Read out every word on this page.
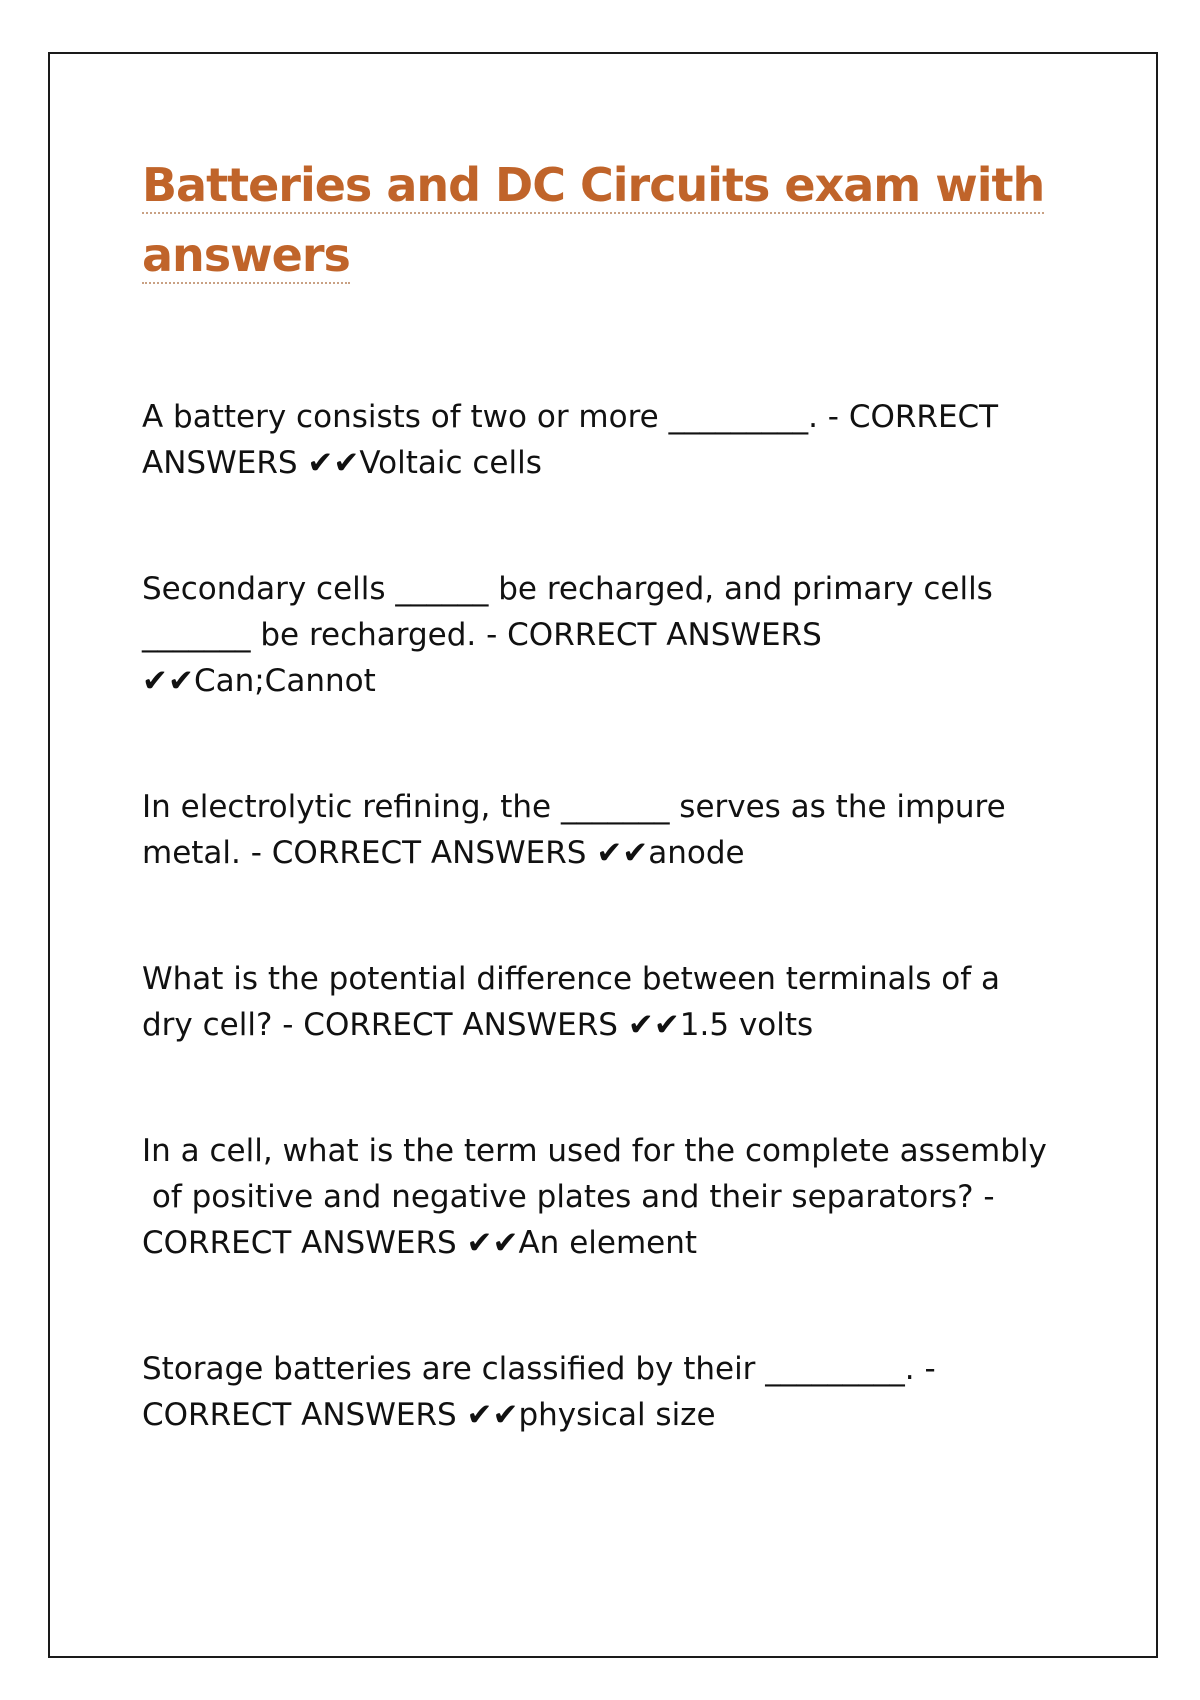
Batteries and DC Circuits exam with
answers
A battery consists of two or more _________. - CORRECT
ANSWERS ✔✔Voltaic cells
Secondary cells ______ be recharged, and primary cells
_______ be recharged. - CORRECT ANSWERS
✔✔Can;Cannot
In electrolytic refining, the _______ serves as the impure
metal. - CORRECT ANSWERS ✔✔anode
What is the potential difference between terminals of a
dry cell? - CORRECT ANSWERS ✔✔1.5 volts
In a cell, what is the term used for the complete assembly
of positive and negative plates and their separators? -
CORRECT ANSWERS ✔✔An element
Storage batteries are classified by their _________. -
CORRECT ANSWERS ✔✔physical size
